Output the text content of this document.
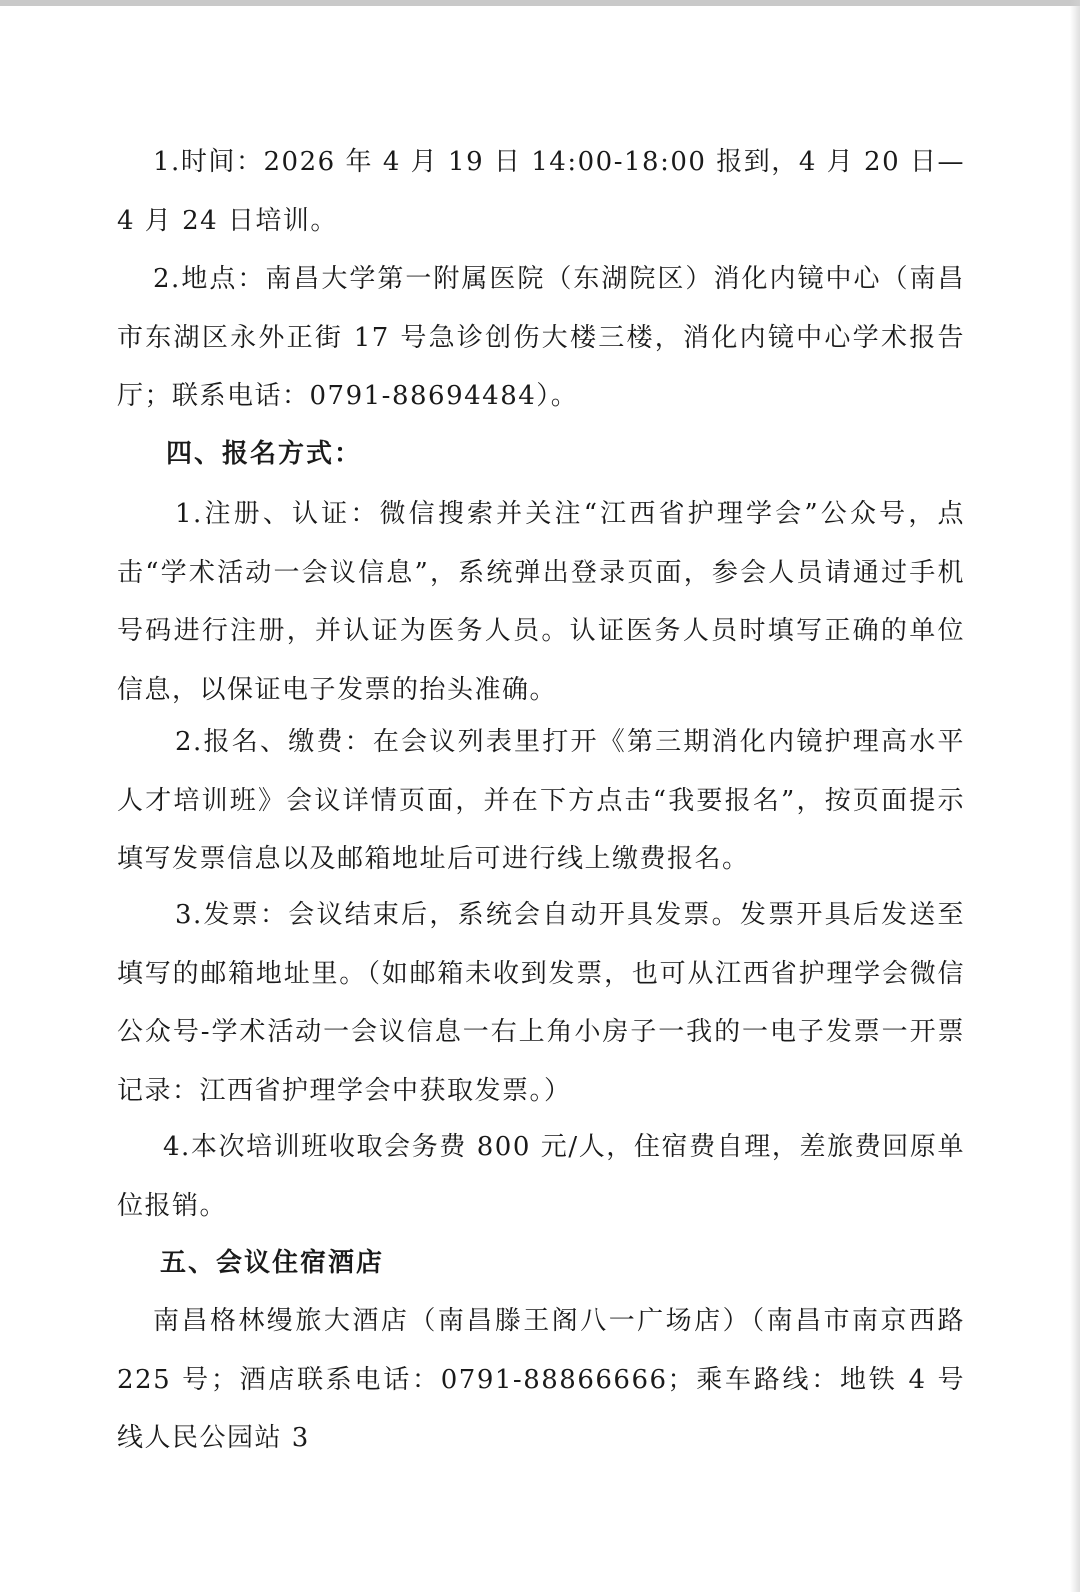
1.时间：2026 年 4 月 19 日 14:00-18:00 报到，4 月 20 日—4 月 24 日培训。

2.地点：南昌大学第一附属医院（东湖院区）消化内镜中心（南昌市东湖区永外正街 17 号急诊创伤大楼三楼，消化内镜中心学术报告厅；联系电话：0791-88694484）。

四、报名方式：

1.注册、认证：微信搜索并关注“江西省护理学会”公众号，点击“学术活动一会议信息”，系统弹出登录页面，参会人员请通过手机号码进行注册，并认证为医务人员。认证医务人员时填写正确的单位信息，以保证电子发票的抬头准确。

2.报名、缴费：在会议列表里打开《第三期消化内镜护理高水平人才培训班》会议详情页面，并在下方点击“我要报名”，按页面提示填写发票信息以及邮箱地址后可进行线上缴费报名。

3.发票：会议结束后，系统会自动开具发票。发票开具后发送至填写的邮箱地址里。（如邮箱未收到发票，也可从江西省护理学会微信公众号-学术活动一会议信息一右上角小房子一我的一电子发票一开票记录：江西省护理学会中获取发票。）

4.本次培训班收取会务费 800 元/人，住宿费自理，差旅费回原单位报销。

五、会议住宿酒店

南昌格林缦旅大酒店（南昌滕王阁八一广场店）（南昌市南京西路 225 号；酒店联系电话：0791-88866666；乘车路线：地铁 4 号线人民公园站 3
